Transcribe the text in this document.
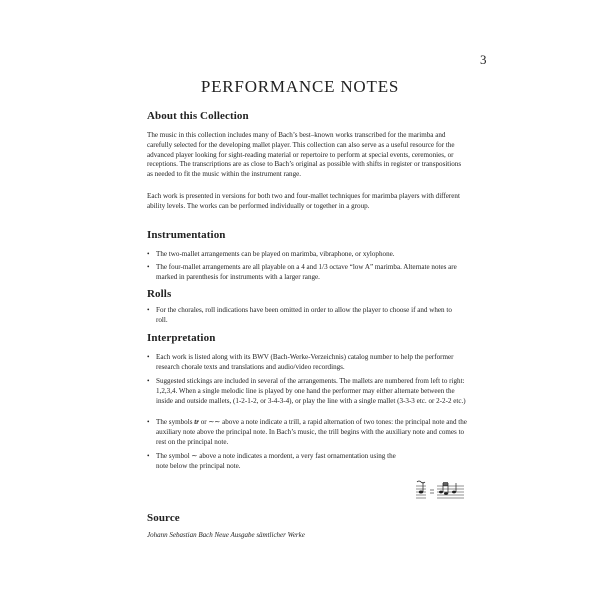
3
PERFORMANCE NOTES
About this Collection

The music in this collection includes many of Bach’s best–known works transcribed for the marimba and carefully selected for the developing mallet player. This collection can also serve as a useful resource for the advanced player looking for sight-reading material or repertoire to perform at special events, ceremonies, or receptions. The transcriptions are as close to Bach’s original as possible with shifts in register or transpositions as needed to fit the music within the instrument range.

Each work is presented in versions for both two and four-mallet techniques for marimba players with different ability levels. The works can be performed individually or together in a group.

Instrumentation
• The two-mallet arrangements can be played on marimba, vibraphone, or xylophone.
• The four-mallet arrangements are all playable on a 4 and 1/3 octave “low A” marimba. Alternate notes are marked in parenthesis for instruments with a larger range.
Rolls
• For the chorales, roll indications have been omitted in order to allow the player to choose if and when to roll.
Interpretation
• Each work is listed along with its BWV (Bach-Werke-Verzeichnis) catalog number to help the performer research chorale texts and translations and audio/video recordings.
• Suggested stickings are included in several of the arrangements. The mallets are numbered from left to right: 1,2,3,4. When a single melodic line is played by one hand the performer may either alternate between the inside and outside mallets, (1-2-1-2, or 3-4-3-4), or play the line with a single mallet (3-3-3 etc. or 2-2-2 etc.)
• The symbols tr or ∼∼ above a note indicate a trill, a rapid alternation of two tones: the principal note and the auxiliary note above the principal note. In Bach’s music, the trill begins with the auxiliary note and comes to rest on the principal note.
• The symbol ∼ above a note indicates a mordent, a very fast ornamentation using the note below the principal note.
Source

Johann Sebastian Bach Neue Ausgabe sämtlicher Werke
